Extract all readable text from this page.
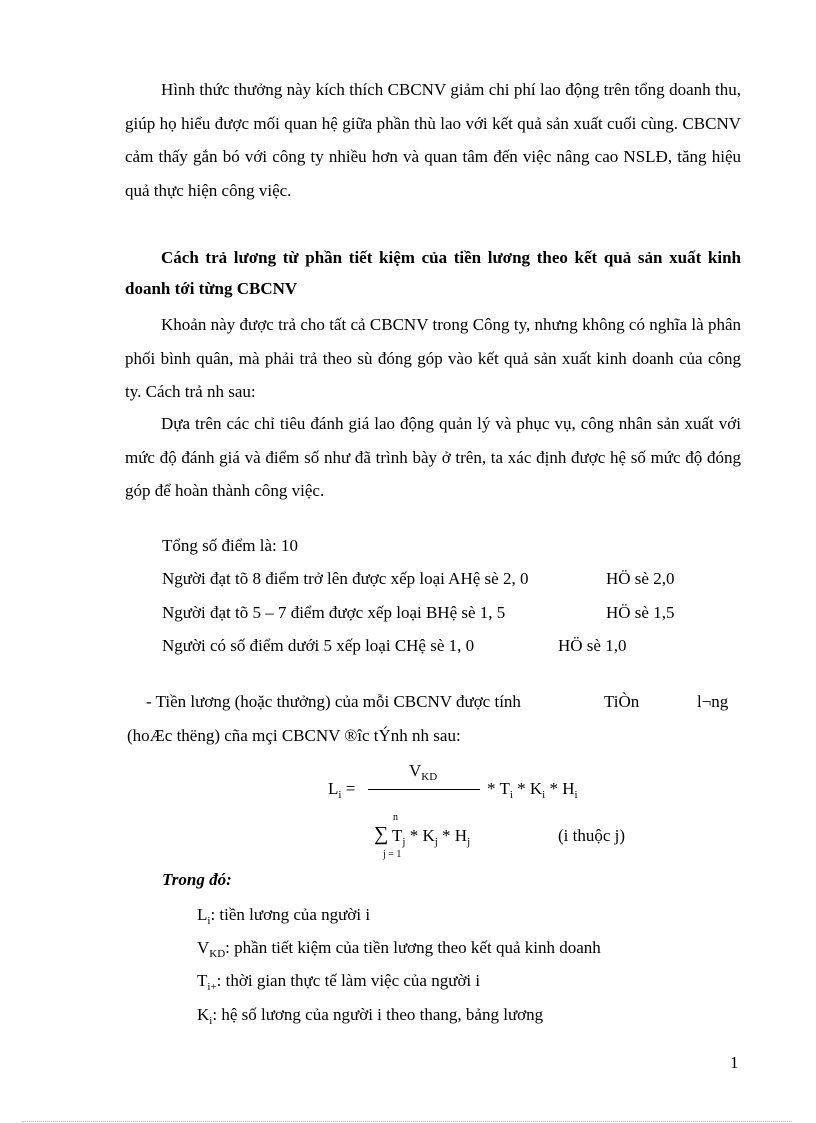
Hình thức thưởng này kích thích CBCNV giảm chi phí lao động trên tổng doanh thu, giúp họ hiểu được mối quan hệ giữa phần thù lao với kết quả sản xuất cuối cùng. CBCNV cảm thấy gắn bó với công ty nhiều hơn và quan tâm đến việc nâng cao NSLĐ, tăng hiệu quả thực hiện công việc.

Cách trả lương từ phần tiết kiệm của tiền lương theo kết quả sản xuất kinh doanh tới từng CBCNV

Khoản này được trả cho tất cả CBCNV trong Công ty, nhưng không có nghĩa là phân phối bình quân, mà phải trả theo sù đóng góp vào kết quả sản xuất kinh doanh của công ty. Cách trả nh sau:

Dựa trên các chỉ tiêu đánh giá lao động quản lý và phục vụ, công nhân sản xuất với mức độ đánh giá và điểm số như đã trình bày ở trên, ta xác định được hệ số mức độ đóng góp để hoàn thành công việc.

Tổng số điểm là: 10
Người đạt tõ 8 điểm trở lên được xếp loại AHệ sè 2, 0	HÖ sè 2,0
Người đạt tõ 5 – 7 điểm được xếp loại BHệ sè 1, 5	HÖ sè 1,5
Người có số điểm dưới 5 xếp loại CHệ sè 1, 0	HÖ sè 1,0
- Tiền lương (hoặc thưởng) của mỗi CBCNV được tính	TiÒn	l¬ng
(hoÆc thëng) cña mçi CBCNV ®îc tÝnh nh sau:
$L_i$ =
$V_{KD}$
* $T_i * K_i * H_i$
n
∑
j = 1
$T_j * K_j * H_j$	(i thuộc j)
Trong đó:
$L_i$: tiền lương của người i
$V_{KD}$: phần tiết kiệm của tiền lương theo kết quả kinh doanh
$T_{i+}$: thời gian thực tế làm việc của người i
$K_i$: hệ số lương của người i theo thang, bảng lương
1
